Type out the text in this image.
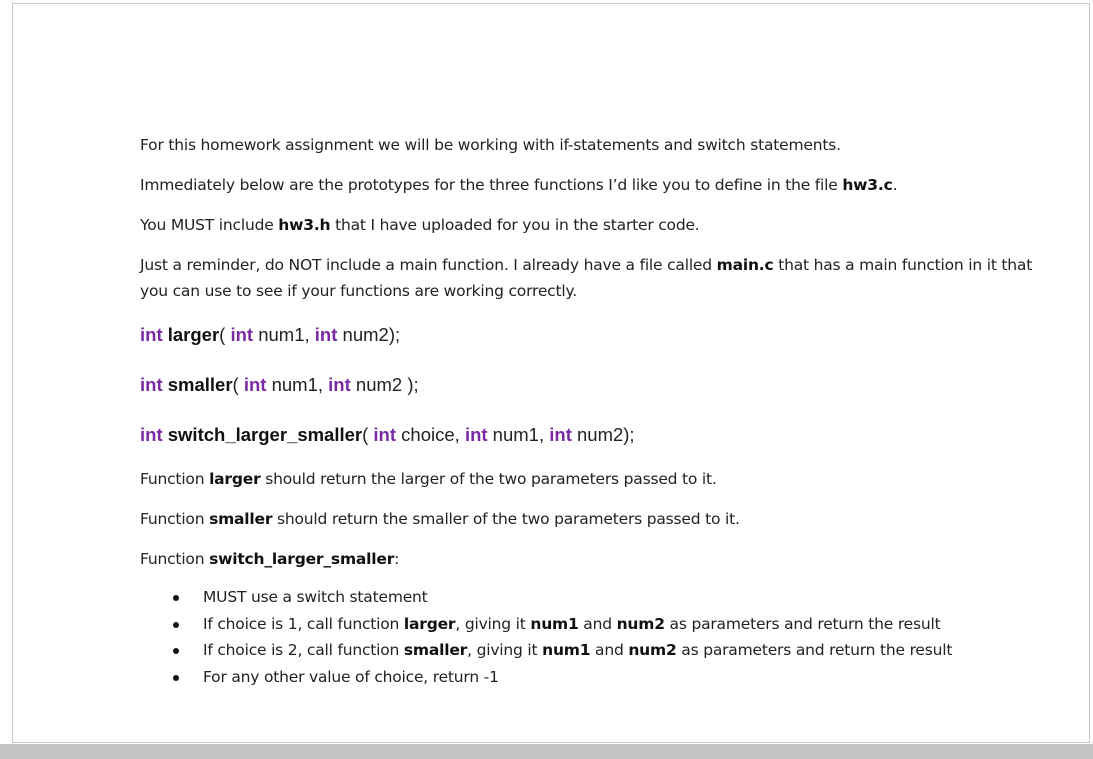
For this homework assignment we will be working with if-statements and switch statements.

Immediately below are the prototypes for the three functions I’d like you to define in the file hw3.c.

You MUST include hw3.h that I have uploaded for you in the starter code.

Just a reminder, do NOT include a main function. I already have a file called main.c that has a main function in it that you can use to see if your functions are working correctly.

int larger( int num1, int num2);

int smaller( int num1, int num2 );

int switch_larger_smaller( int choice, int num1, int num2);

Function larger should return the larger of the two parameters passed to it.

Function smaller should return the smaller of the two parameters passed to it.

Function switch_larger_smaller:

MUST use a switch statement
If choice is 1, call function larger, giving it num1 and num2 as parameters and return the result
If choice is 2, call function smaller, giving it num1 and num2 as parameters and return the result
For any other value of choice, return -1
